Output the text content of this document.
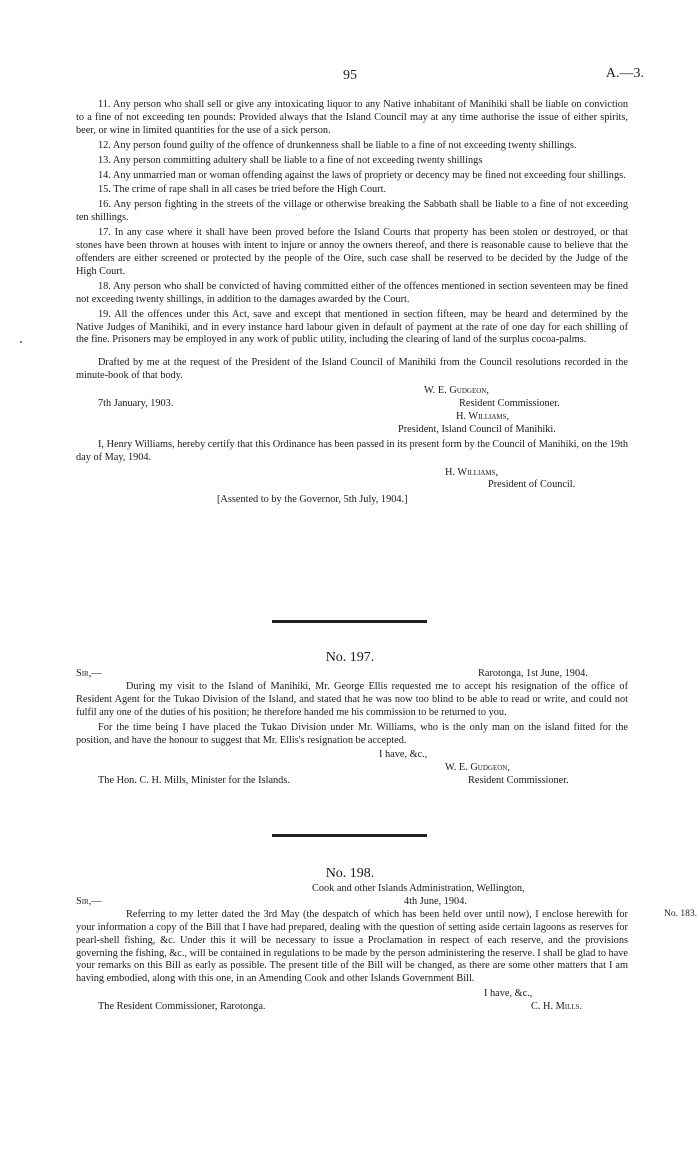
95	A.—3.

11. Any person who shall sell or give any intoxicating liquor to any Native inhabitant of Manihiki shall be liable on conviction to a fine of not exceeding ten pounds: Provided always that the Island Council may at any time authorise the issue of either spirits, beer, or wine in limited quantities for the use of a sick person.

12. Any person found guilty of the offence of drunkenness shall be liable to a fine of not exceeding twenty shillings.

13. Any person committing adultery shall be liable to a fine of not exceeding twenty shillings

14. Any unmarried man or woman offending against the laws of propriety or decency may be fined not exceeding four shillings.

15. The crime of rape shall in all cases be tried before the High Court.

16. Any person fighting in the streets of the village or otherwise breaking the Sabbath shall be liable to a fine of not exceeding ten shillings.

17. In any case where it shall have been proved before the Island Courts that property has been stolen or destroyed, or that stones have been thrown at houses with intent to injure or annoy the owners thereof, and there is reasonable cause to believe that the offenders are either screened or protected by the people of the Oire, such case shall be reserved to be decided by the Judge of the High Court.

18. Any person who shall be convicted of having committed either of the offences mentioned in section seventeen may be fined not exceeding twenty shillings, in addition to the damages awarded by the Court.

19. All the offences under this Act, save and except that mentioned in section fifteen, may be heard and determined by the Native Judges of Manihiki, and in every instance hard labour given in default of payment at the rate of one day for each shilling of the fine. Prisoners may be employed in any work of public utility, including the clearing of land of the surplus cocoa-palms.

Drafted by me at the request of the President of the Island Council of Manihiki from the Council resolutions recorded in the minute-book of that body.

W. E. Gudgeon,
7th January, 1903.	Resident Commissioner.
H. Williams,
President, Island Council of Manihiki.

I, Henry Williams, hereby certify that this Ordinance has been passed in its present form by the Council of Manihiki, on the 19th day of May, 1904.

H. Williams,
President of Council.
[Assented to by the Governor, 5th July, 1904.]
No. 197.
Sir,—	Rarotonga, 1st June, 1904.

During my visit to the Island of Manihiki, Mr. George Ellis requested me to accept his resignation of the office of Resident Agent for the Tukao Division of the Island, and stated that he was now too blind to be able to read or write, and could not fulfil any one of the duties of his position; he therefore handed me his commission to be returned to you.

For the time being I have placed the Tukao Division under Mr. Williams, who is the only man on the island fitted for the position, and have the honour to suggest that Mr. Ellis's resignation be accepted.

I have, &c.,
W. E. Gudgeon,
The Hon. C. H. Mills, Minister for the Islands.	Resident Commissioner.
No. 198.
Cook and other Islands Administration, Wellington,
Sir,—	4th June, 1904.

Referring to my letter dated the 3rd May (the despatch of which has been held over until now), I enclose herewith for your information a copy of the Bill that I have had prepared, dealing with the question of setting aside certain lagoons as reserves for pearl-shell fishing, &c. Under this it will be necessary to issue a Proclamation in respect of each reserve, and the provisions governing the fishing, &c., will be contained in regulations to be made by the person administering the reserve. I shall be glad to have your remarks on this Bill as early as possible. The present title of the Bill will be changed, as there are some other matters that I am having embodied, along with this one, in an Amending Cook and other Islands Government Bill.

I have, &c.,
The Resident Commissioner, Rarotonga.	C. H. Mills.
No. 183.
